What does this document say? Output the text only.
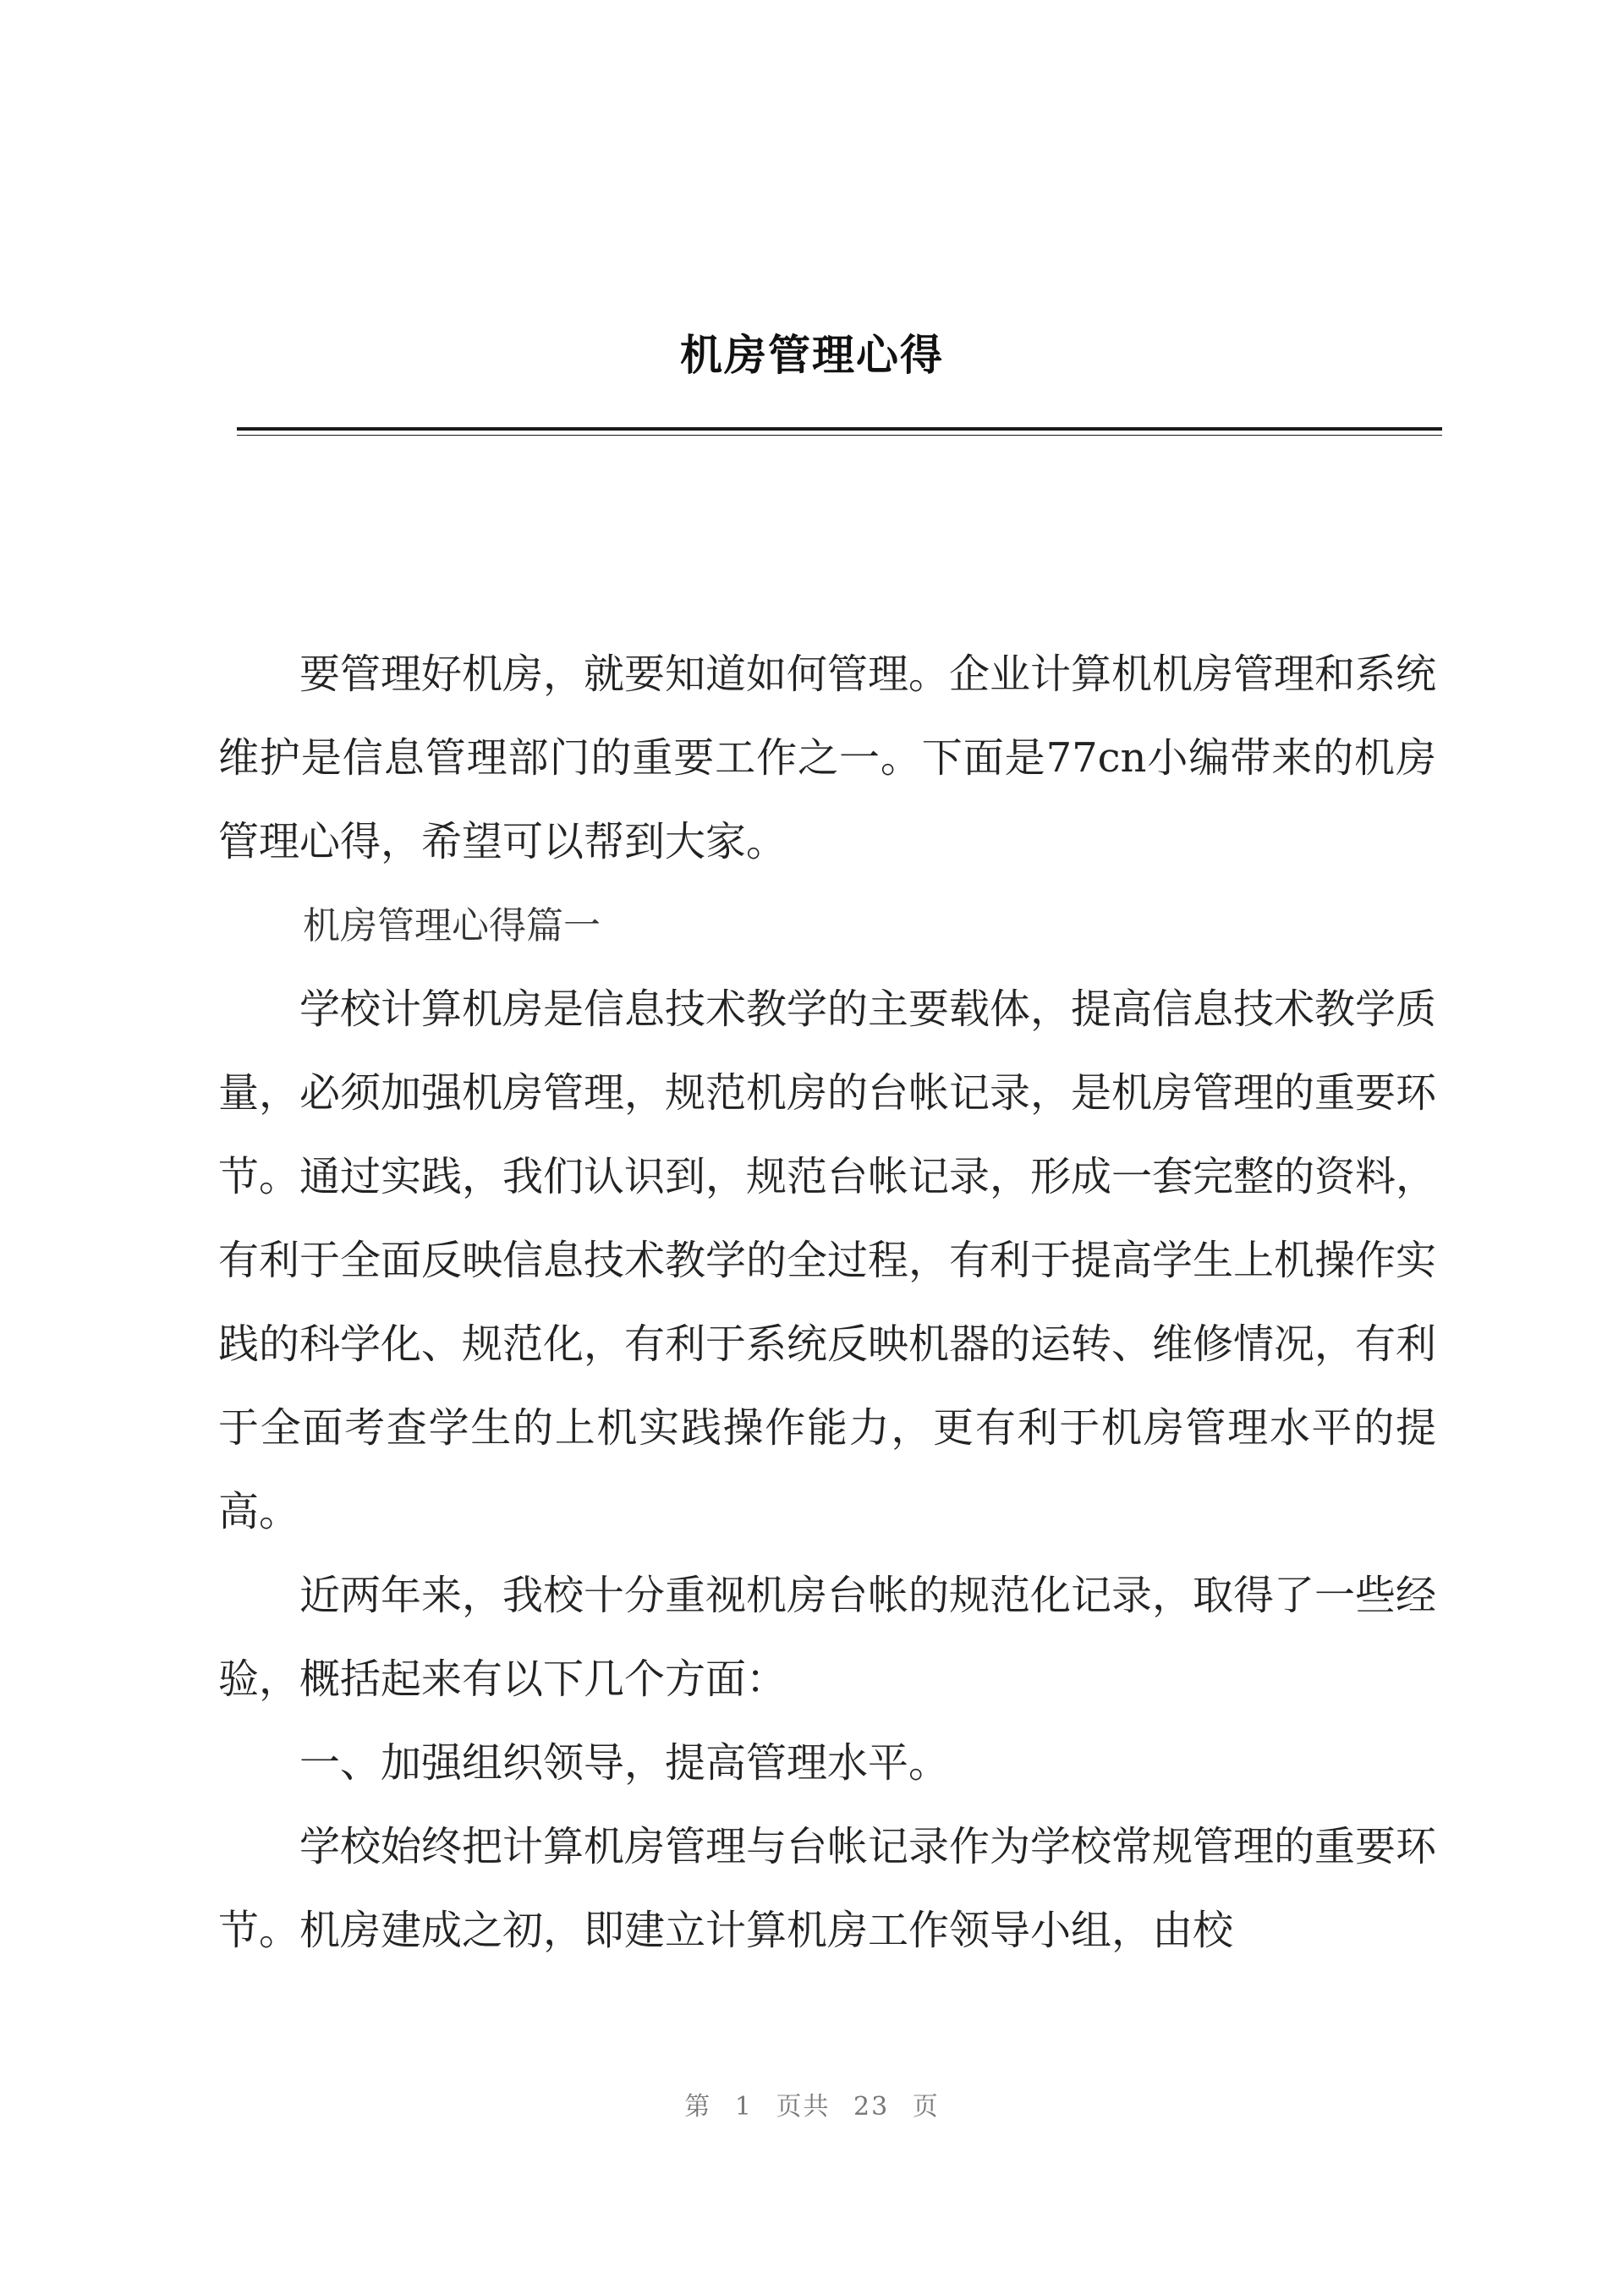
机房管理心得

要管理好机房，就要知道如何管理。企业计算机机房管理和系统维护是信息管理部门的重要工作之一。下面是77cn小编带来的机房管理心得，希望可以帮到大家。

机房管理心得篇一

学校计算机房是信息技术教学的主要载体，提高信息技术教学质量，必须加强机房管理，规范机房的台帐记录，是机房管理的重要环节。通过实践，我们认识到，规范台帐记录，形成一套完整的资料，有利于全面反映信息技术教学的全过程，有利于提高学生上机操作实践的科学化、规范化，有利于系统反映机器的运转、维修情况，有利于全面考查学生的上机实践操作能力，更有利于机房管理水平的提高。

近两年来，我校十分重视机房台帐的规范化记录，取得了一些经验，概括起来有以下几个方面：

一、加强组织领导，提高管理水平。

学校始终把计算机房管理与台帐记录作为学校常规管理的重要环节。机房建成之初，即建立计算机房工作领导小组，由校

第 1 页共 23 页
